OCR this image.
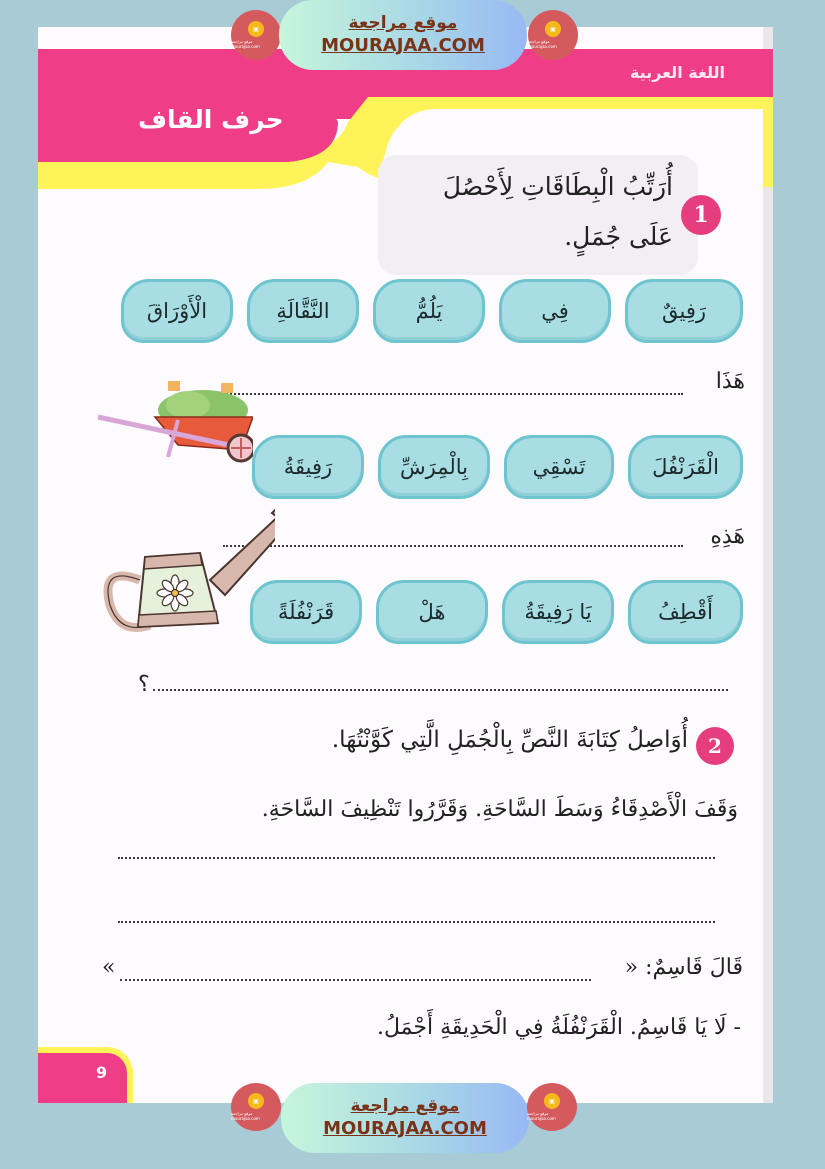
اللغة العربية
حرف القاف
1
أُرَتِّبُ الْبِطَاقَاتِ لِأَحْصُلَ
عَلَى جُمَلٍ.
رَفِيقٌ
فِي
يَلُمُّ
النَّقَّالَةِ
الْأَوْرَاقَ
هَذَا
الْقَرَنْفُلَ
تَسْقِي
بِالْمِرَشِّ
رَفِيقَةُ
هَذِهِ
أَقْطِفُ
يَا رَفِيقَةُ
هَلْ
قَرَنْفُلَةً
؟
2
أُوَاصِلُ كِتَابَةَ النَّصِّ بِالْجُمَلِ الَّتِي كَوَّنْتُهَا.
وَقَفَ الْأَصْدِقَاءُ وَسَطَ السَّاحَةِ. وَقَرَّرُوا تَنْظِيفَ السَّاحَةِ.
قَالَ قَاسِمٌ: «
»
- لَا يَا قَاسِمُ. الْقَرَنْفُلَةُ فِي الْحَدِيقَةِ أَجْمَلُ.
9
▣
موقع مراجعة mourajaa.com
موقع مراجعة
MOURAJAA.COM
▣
موقع مراجعة mourajaa.com
▣
موقع مراجعة mourajaa.com
موقع مراجعة
MOURAJAA.COM
▣
موقع مراجعة mourajaa.com
